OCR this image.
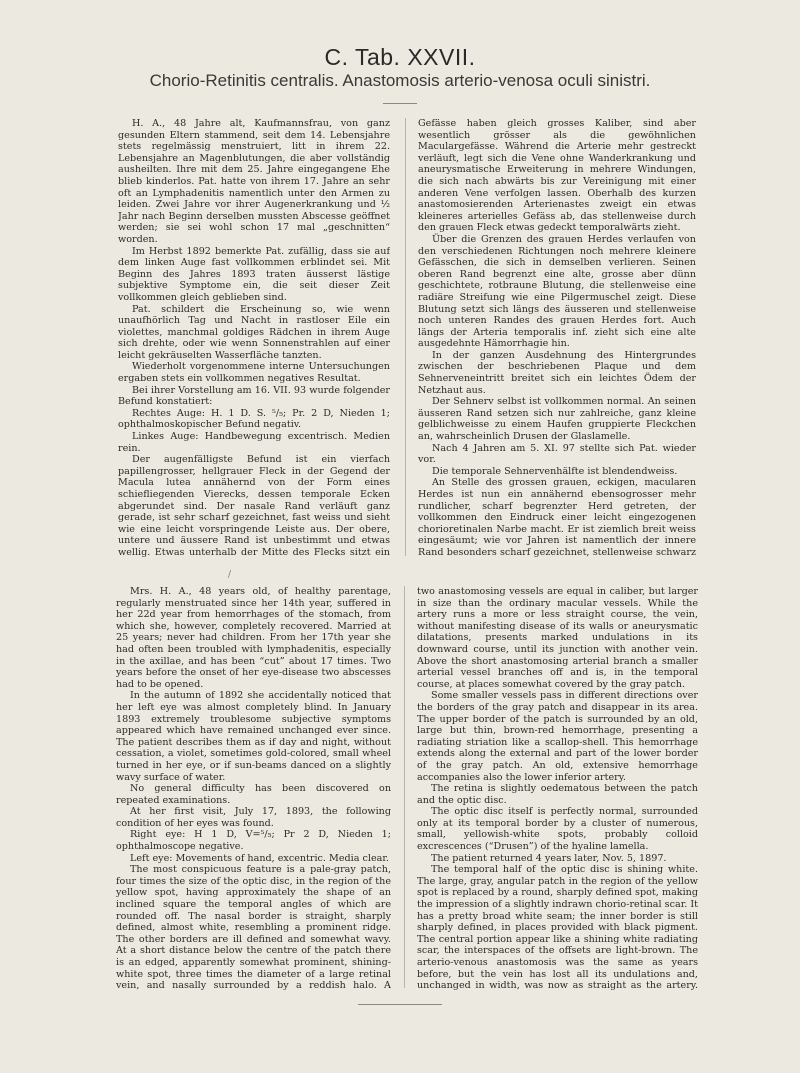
C. Tab. XXVII.
Chorio-Retinitis centralis. Anastomosis arterio-venosa oculi sinistri.

H. A., 48 Jahre alt, Kaufmannsfrau, von ganz gesunden Eltern stammend, seit dem 14. Lebensjahre stets regelmässig menstruiert, litt in ihrem 22. Lebensjahre an Magenblutungen, die aber vollständig ausheilten. Ihre mit dem 25. Jahre eingegangene Ehe blieb kinderlos. Pat. hatte von ihrem 17. Jahre an sehr oft an Lymphadenitis namentlich unter den Armen zu leiden. Zwei Jahre vor ihrer Augenerkrankung und ½ Jahr nach Beginn derselben mussten Abscesse geöffnet werden; sie sei wohl schon 17 mal „geschnitten“ worden.

Im Herbst 1892 bemerkte Pat. zufällig, dass sie auf dem linken Auge fast vollkommen erblindet sei. Mit Beginn des Jahres 1893 traten äusserst lästige subjektive Symptome ein, die seit dieser Zeit vollkommen gleich geblieben sind.

Pat. schildert die Erscheinung so, wie wenn unaufhörlich Tag und Nacht in rastloser Eile ein violettes, manchmal goldiges Rädchen in ihrem Auge sich drehte, oder wie wenn Sonnenstrahlen auf einer leicht gekräuselten Wasserfläche tanzten.

Wiederholt vorgenommene interne Untersuchungen ergaben stets ein vollkommen negatives Resultat.

Bei ihrer Vorstellung am 16. VII. 93 wurde folgender Befund konstatiert:

Rechtes Auge: H. 1 D. S. ⁵/₅; Pr. 2 D, Nieden 1; ophthalmoskopischer Befund negativ.

Linkes Auge: Handbewegung excentrisch. Medien rein.

Der augenfälligste Befund ist ein vierfach papillengrosser, hellgrauer Fleck in der Gegend der Macula lutea annähernd von der Form eines schiefliegenden Vierecks, dessen temporale Ecken abgerundet sind. Der nasale Rand verläuft ganz gerade, ist sehr scharf gezeichnet, fast weiss und sieht wie eine leicht vorspringende Leiste aus. Der obere, untere und äussere Rand ist unbestimmt und etwas wellig. Etwas unterhalb der Mitte des Flecks sitzt ein

Gefässe haben gleich grosses Kaliber, sind aber wesentlich grösser als die gewöhnlichen Maculargefässe. Während die Arterie mehr gestreckt verläuft, legt sich die Vene ohne Wanderkrankung und aneurysmatische Erweiterung in mehrere Windungen, die sich nach abwärts bis zur Vereinigung mit einer anderen Vene verfolgen lassen. Oberhalb des kurzen anastomosierenden Arterienastes zweigt ein etwas kleineres arterielles Gefäss ab, das stellenweise durch den grauen Fleck etwas gedeckt temporalwärts zieht.

Über die Grenzen des grauen Herdes verlaufen von den verschiedenen Richtungen noch mehrere kleinere Gefässchen, die sich in demselben verlieren. Seinen oberen Rand begrenzt eine alte, grosse aber dünn geschichtete, rotbraune Blutung, die stellenweise eine radiäre Streifung wie eine Pilgermuschel zeigt. Diese Blutung setzt sich längs des äusseren und stellenweise noch unteren Randes des grauen Herdes fort. Auch längs der Arteria temporalis inf. zieht sich eine alte ausgedehnte Hämorrhagie hin.

In der ganzen Ausdehnung des Hintergrundes zwischen der beschriebenen Plaque und dem Sehnerveneintritt breitet sich ein leichtes Ödem der Netzhaut aus.

Der Sehnerv selbst ist vollkommen normal. An seinen äusseren Rand setzen sich nur zahlreiche, ganz kleine gelblichweisse zu einem Haufen gruppierte Fleckchen an, wahrscheinlich Drusen der Glaslamelle.

Nach 4 Jahren am 5. XI. 97 stellte sich Pat. wieder vor.

Die temporale Sehnervenhälfte ist blendendweiss.

An Stelle des grossen grauen, eckigen, macularen Herdes ist nun ein annähernd ebensogrosser mehr rundlicher, scharf begrenzter Herd getreten, der vollkommen den Eindruck einer leicht eingezogenen chorioretinalen Narbe macht. Er ist ziemlich breit weiss eingesäumt; wie vor Jahren ist namentlich der innere Rand besonders scharf gezeichnet, stellenweise schwarz

/

Mrs. H. A., 48 years old, of healthy parentage, regularly menstruated since her 14th year, suffered in her 22d year from hemorrhages of the stomach, from which she, however, completely recovered. Married at 25 years; never had children. From her 17th year she had often been troubled with lymphadenitis, especially in the axillae, and has been “cut” about 17 times. Two years before the onset of her eye-disease two abscesses had to be opened.

In the autumn of 1892 she accidentally noticed that her left eye was almost completely blind. In January 1893 extremely troublesome subjective symptoms appeared which have remained unchanged ever since. The patient describes them as if day and night, without cessation, a violet, sometimes gold-colored, small wheel turned in her eye, or if sun-beams danced on a slightly wavy surface of water.

No general difficulty has been discovered on repeated examinations.

At her first visit, July 17, 1893, the following condition of her eyes was found.

Right eye: H 1 D, V=⁵/₅; Pr 2 D, Nieden 1; ophthalmoscope negative.

Left eye: Movements of hand, excentric. Media clear.

The most conspicuous feature is a pale-gray patch, four times the size of the optic disc, in the region of the yellow spot, having approximately the shape of an inclined square the temporal angles of which are rounded off. The nasal border is straight, sharply defined, almost white, resembling a prominent ridge. The other borders are ill defined and somewhat wavy. At a short distance below the centre of the patch there is an edged, apparently somewhat prominent, shining-white spot, three times the diameter of a large retinal vein, and nasally surrounded by a reddish halo. A

two anastomosing vessels are equal in caliber, but larger in size than the ordinary macular vessels. While the artery runs a more or less straight course, the vein, without manifesting disease of its walls or aneurysmatic dilatations, presents marked undulations in its downward course, until its junction with another vein. Above the short anastomosing arterial branch a smaller arterial vessel branches off and is, in the temporal course, at places somewhat covered by the gray patch.

Some smaller vessels pass in different directions over the borders of the gray patch and disappear in its area. The upper border of the patch is surrounded by an old, large but thin, brown-red hemorrhage, presenting a radiating striation like a scallop-shell. This hemorrhage extends along the external and part of the lower border of the gray patch. An old, extensive hemorrhage accompanies also the lower inferior artery.

The retina is slightly oedematous between the patch and the optic disc.

The optic disc itself is perfectly normal, surrounded only at its temporal border by a cluster of numerous, small, yellowish-white spots, probably colloid excrescences (“Drusen”) of the hyaline lamella.

The patient returned 4 years later, Nov. 5, 1897.

The temporal half of the optic disc is shining white. The large, gray, angular patch in the region of the yellow spot is replaced by a round, sharply defined spot, making the impression of a slightly indrawn chorio-retinal scar. It has a pretty broad white seam; the inner border is still sharply defined, in places provided with black pigment. The central portion appear like a shining white radiating scar, the interspaces of the offsets are light-brown. The arterio-venous anastomosis was the same as years before, but the vein has lost all its undulations and, unchanged in width, was now as straight as the artery.
